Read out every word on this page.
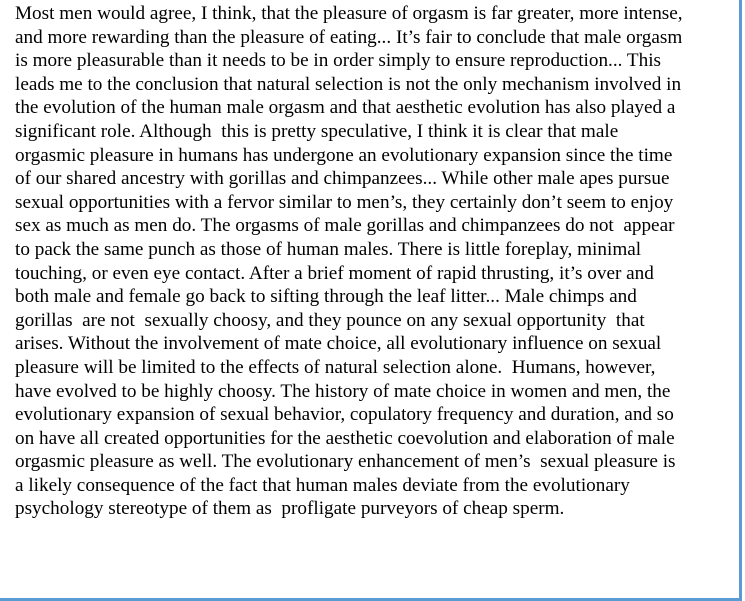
Most men would agree, I think, that the pleasure of orgasm is far greater, more intense,
and more rewarding than the pleasure of eating... It’s fair to conclude that male orgasm
is more pleasurable than it needs to be in order simply to ensure reproduction... This
leads me to the conclusion that natural selection is not the only mechanism involved in
the evolution of the human male orgasm and that aesthetic evolution has also played a
significant role. Although  this is pretty speculative, I think it is clear that male
orgasmic pleasure in humans has undergone an evolutionary expansion since the time
of our shared ancestry with gorillas and chimpanzees... While other male apes pursue
sexual opportunities with a fervor similar to men’s, they certainly don’t seem to enjoy
sex as much as men do. The orgasms of male gorillas and chimpanzees do not  appear
to pack the same punch as those of human males. There is little foreplay, minimal
touching, or even eye contact. After a brief moment of rapid thrusting, it’s over and
both male and female go back to sifting through the leaf litter... Male chimps and
gorillas  are not  sexually choosy, and they pounce on any sexual opportunity  that
arises. Without the involvement of mate choice, all evolutionary influence on sexual
pleasure will be limited to the effects of natural selection alone.  Humans, however,
have evolved to be highly choosy. The history of mate choice in women and men, the
evolutionary expansion of sexual behavior, copulatory frequency and duration, and so
on have all created opportunities for the aesthetic coevolution and elaboration of male
orgasmic pleasure as well. The evolutionary enhancement of men’s  sexual pleasure is
a likely consequence of the fact that human males deviate from the evolutionary
psychology stereotype of them as  profligate purveyors of cheap sperm.
